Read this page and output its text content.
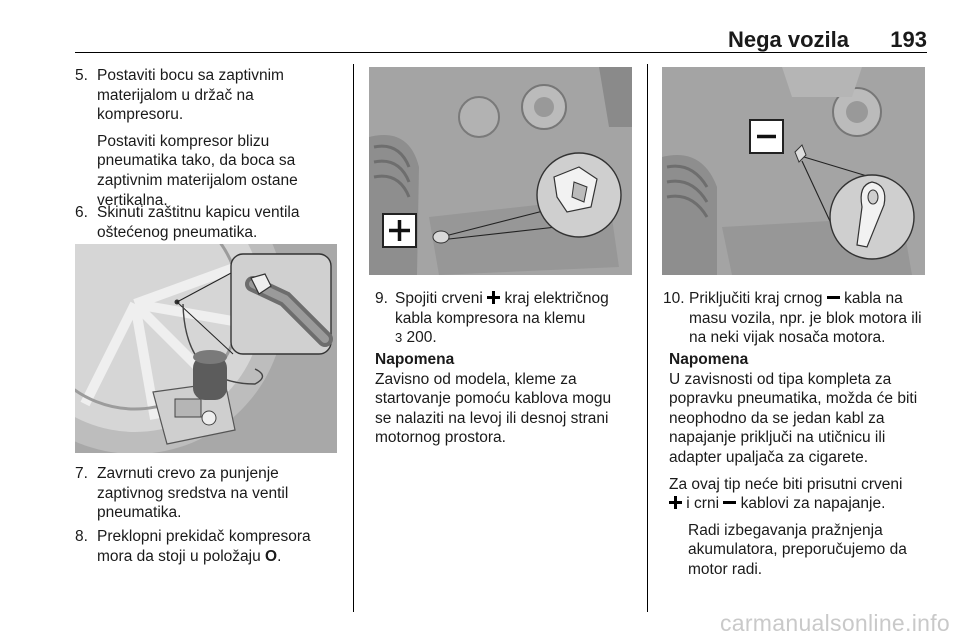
Nega vozila 193
5. Postaviti bocu sa zaptivnim
materijalom u držač na
kompresoru.
Postaviti kompresor blizu
pneumatika tako, da boca sa
zaptivnim materijalom ostane
vertikalna.
6. Skinuti zaštitnu kapicu ventila
oštećenog pneumatika.
7. Zavrnuti crevo za punjenje
zaptivnog sredstva na ventil
pneumatika.
8. Preklopni prekidač kompresora
mora da stoji u položaju O.
9. Spojiti crveni  kraj električnog
kabla kompresora na klemu
3 200.
Napomena
Zavisno od modela, kleme za
startovanje pomoću kablova mogu
se nalaziti na levoj ili desnoj strani
motornog prostora.
10. Priključiti kraj crnog  kabla na
masu vozila, npr. je blok motora ili
na neki vijak nosača motora.
Napomena
U zavisnosti od tipa kompleta za
popravku pneumatika, možda će biti
neophodno da se jedan kabl za
napajanje priključi na utičnicu ili
adapter upaljača za cigarete.
Za ovaj tip neće biti prisutni crveni
i crni  kablovi za napajanje.
Radi izbegavanja pražnjenja
akumulatora, preporučujemo da
motor radi.
carmanualsonline.info
